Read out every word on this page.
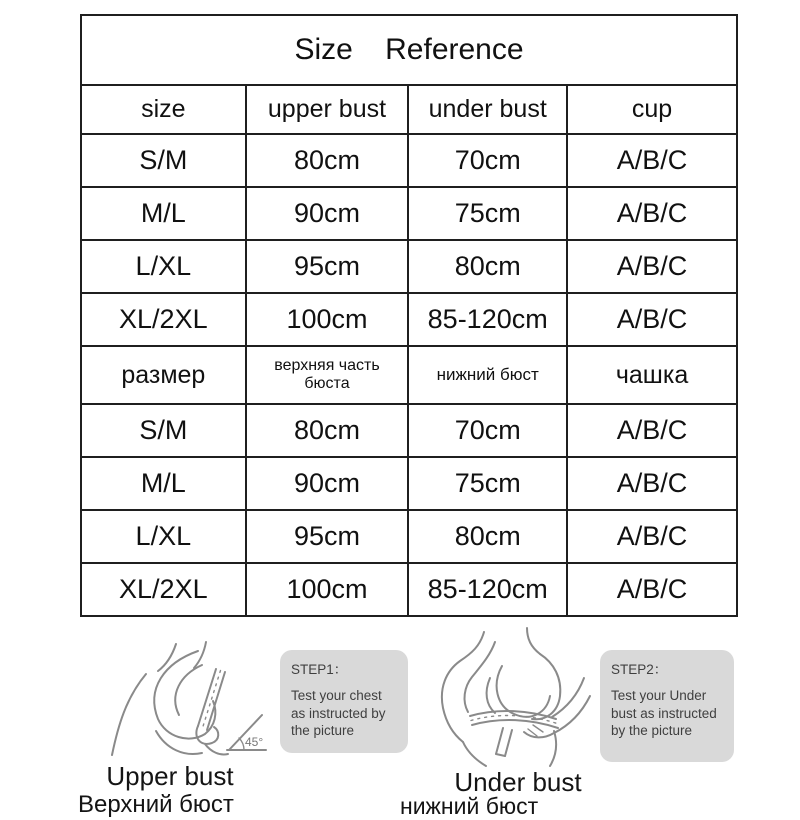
Size Reference			
size	upper bust	under bust	cup
S/M	80cm	70cm	A/B/C
M/L	90cm	75cm	A/B/C
L/XL	95cm	80cm	A/B/C
XL/2XL	100cm	85-120cm	A/B/C
размер	верхняя часть бюста	нижний бюст	чашка
S/M	80cm	70cm	A/B/C
M/L	90cm	75cm	A/B/C
L/XL	95cm	80cm	A/B/C
XL/2XL	100cm	85-120cm	A/B/C
45°
STEP1：
Test your chest as instructed by the picture
STEP2：
Test your Under bust as instructed by the picture
Upper bust	Under bust
Верхний бюст	нижний бюст
